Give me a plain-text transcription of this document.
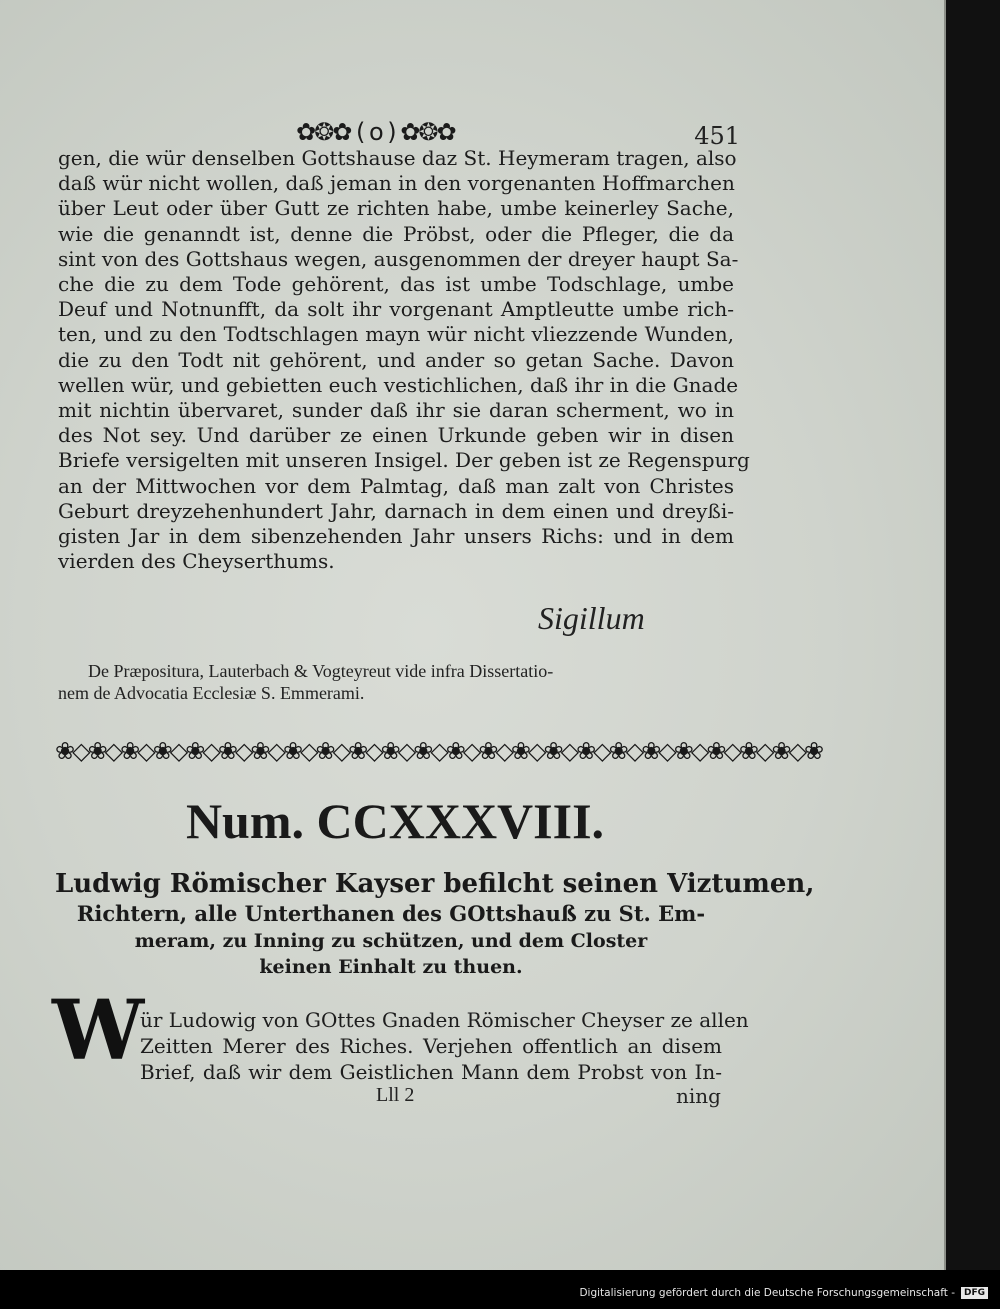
✿❂✿ ( o ) ✿❂✿	451
gen, die wür denselben Gottshause daz St. Heymeram tragen, also
daß wür nicht wollen, daß jeman in den vorgenanten Hoffmarchen
über Leut oder über Gutt ze richten habe, umbe keinerley Sache,
wie die genanndt ist, denne die Pröbst, oder die Pfleger, die da
sint von des Gottshaus wegen, ausgenommen der dreyer haupt Sa-
che die zu dem Tode gehörent, das ist umbe Todschlage, umbe
Deuf und Notnunfft, da solt ihr vorgenant Amptleutte umbe rich-
ten, und zu den Todtschlagen mayn wür nicht vliezzende Wunden,
die zu den Todt nit gehörent, und ander so getan Sache. Davon
wellen wür, und gebietten euch vestichlichen, daß ihr in die Gnade
mit nichtin übervaret, sunder daß ihr sie daran scherment, wo in
des Not sey. Und darüber ze einen Urkunde geben wir in disen
Briefe versigelten mit unseren Insigel. Der geben ist ze Regenspurg
an der Mittwochen vor dem Palmtag, daß man zalt von Christes
Geburt dreyzehenhundert Jahr, darnach in dem einen und dreyßi-
gisten Jar in dem sibenzehenden Jahr unsers Richs: und in dem
vierden des Cheyserthums.
Sigillum
De Præpositura, Lauterbach & Vogteyreut vide infra Dissertatio-
nem de Advocatia Ecclesiæ S. Emmerami.
❀◇❀◇❀◇❀◇❀◇❀◇❀◇❀◇❀◇❀◇❀◇❀◇❀◇❀◇❀◇❀◇❀◇❀◇❀◇❀◇❀◇❀◇❀◇❀
Num. CCXXXVIII.
Ludwig Römischer Kayser befilcht seinen Viztumen,
Richtern, alle Unterthanen des GOttshauß zu St. Em-
meram, zu Inning zu schützen, und dem Closter
keinen Einhalt zu thuen.
W
ür Ludowig von GOttes Gnaden Römischer Cheyser ze allen
Zeitten Merer des Riches. Verjehen offentlich an disem
Brief, daß wir dem Geistlichen Mann dem Probst von In-
Lll 2	ning
Digitalisierung gefördert durch die Deutsche Forschungsgemeinschaft -	DFG
